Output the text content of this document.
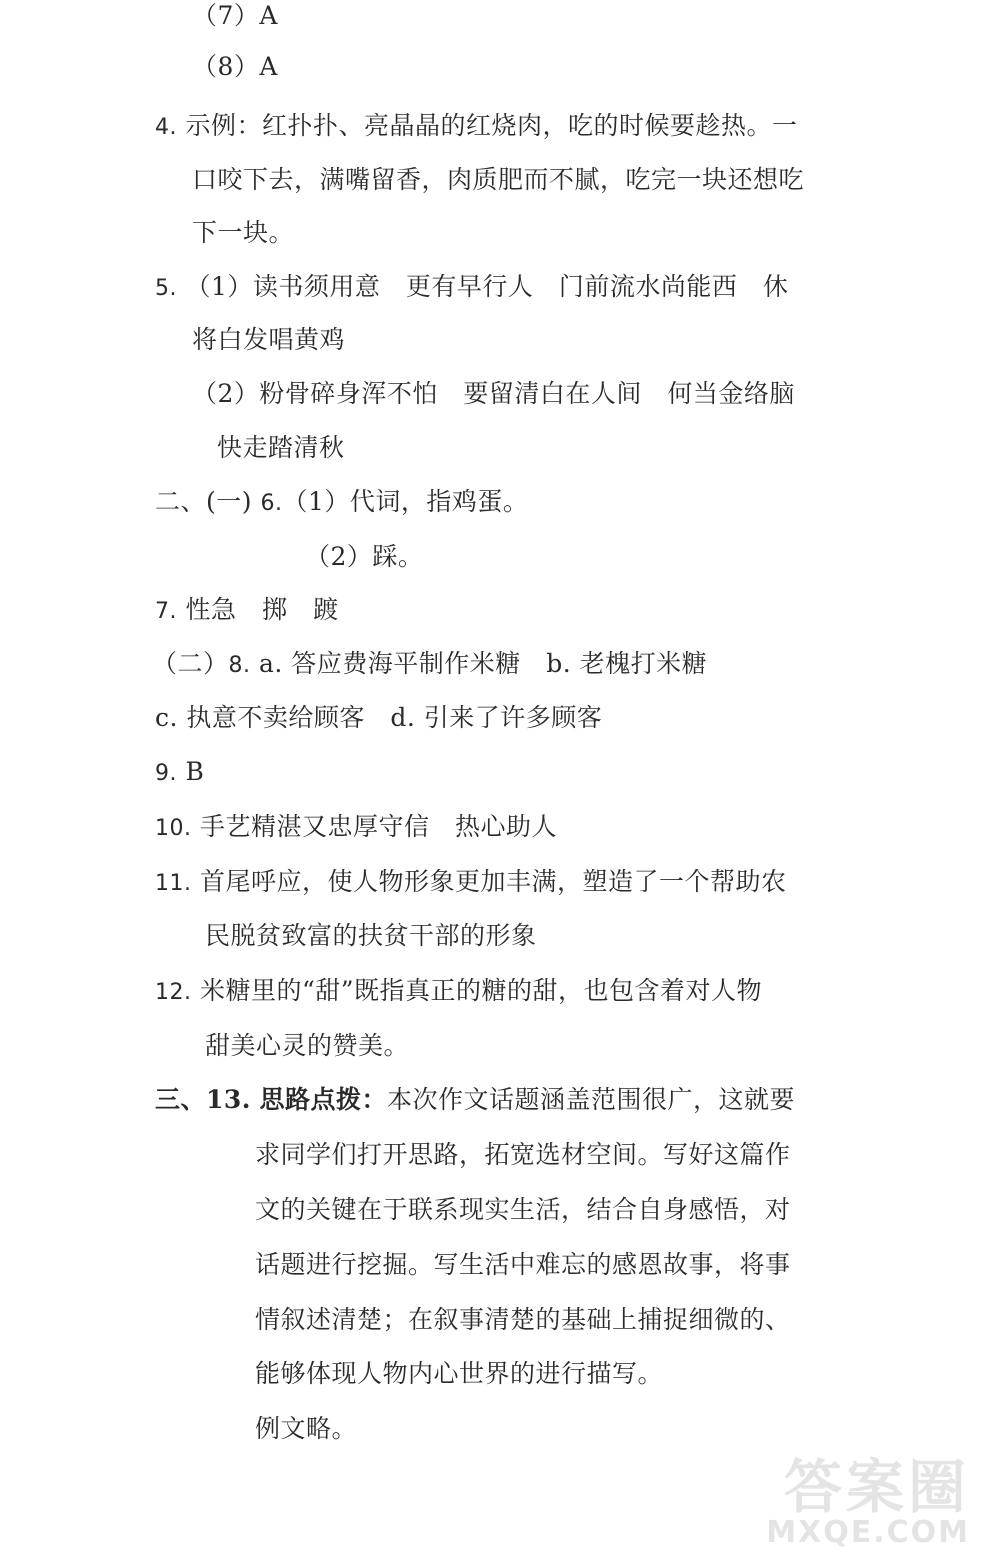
（7）A
（8）A
4. 示例：红扑扑、亮晶晶的红烧肉，吃的时候要趁热。一
口咬下去，满嘴留香，肉质肥而不腻，吃完一块还想吃
下一块。
5. （1）读书须用意　更有早行人　门前流水尚能西　休
将白发唱黄鸡
（2）粉骨碎身浑不怕　要留清白在人间　何当金络脑
快走踏清秋
二、(一) 6.（1）代词，指鸡蛋。
（2）踩。
7. 性急　掷　踱
（二）8. a. 答应费海平制作米糖　b. 老槐打米糖
c. 执意不卖给顾客　d. 引来了许多顾客
9. B
10. 手艺精湛又忠厚守信　热心助人
11. 首尾呼应，使人物形象更加丰满，塑造了一个帮助农
民脱贫致富的扶贫干部的形象
12. 米糖里的“甜”既指真正的糖的甜，也包含着对人物
甜美心灵的赞美。
三、13. 思路点拨：本次作文话题涵盖范围很广，这就要
求同学们打开思路，拓宽选材空间。写好这篇作
文的关键在于联系现实生活，结合自身感悟，对
话题进行挖掘。写生活中难忘的感恩故事，将事
情叙述清楚；在叙事清楚的基础上捕捉细微的、
能够体现人物内心世界的进行描写。
例文略。
答案圈
MXQE.COM
